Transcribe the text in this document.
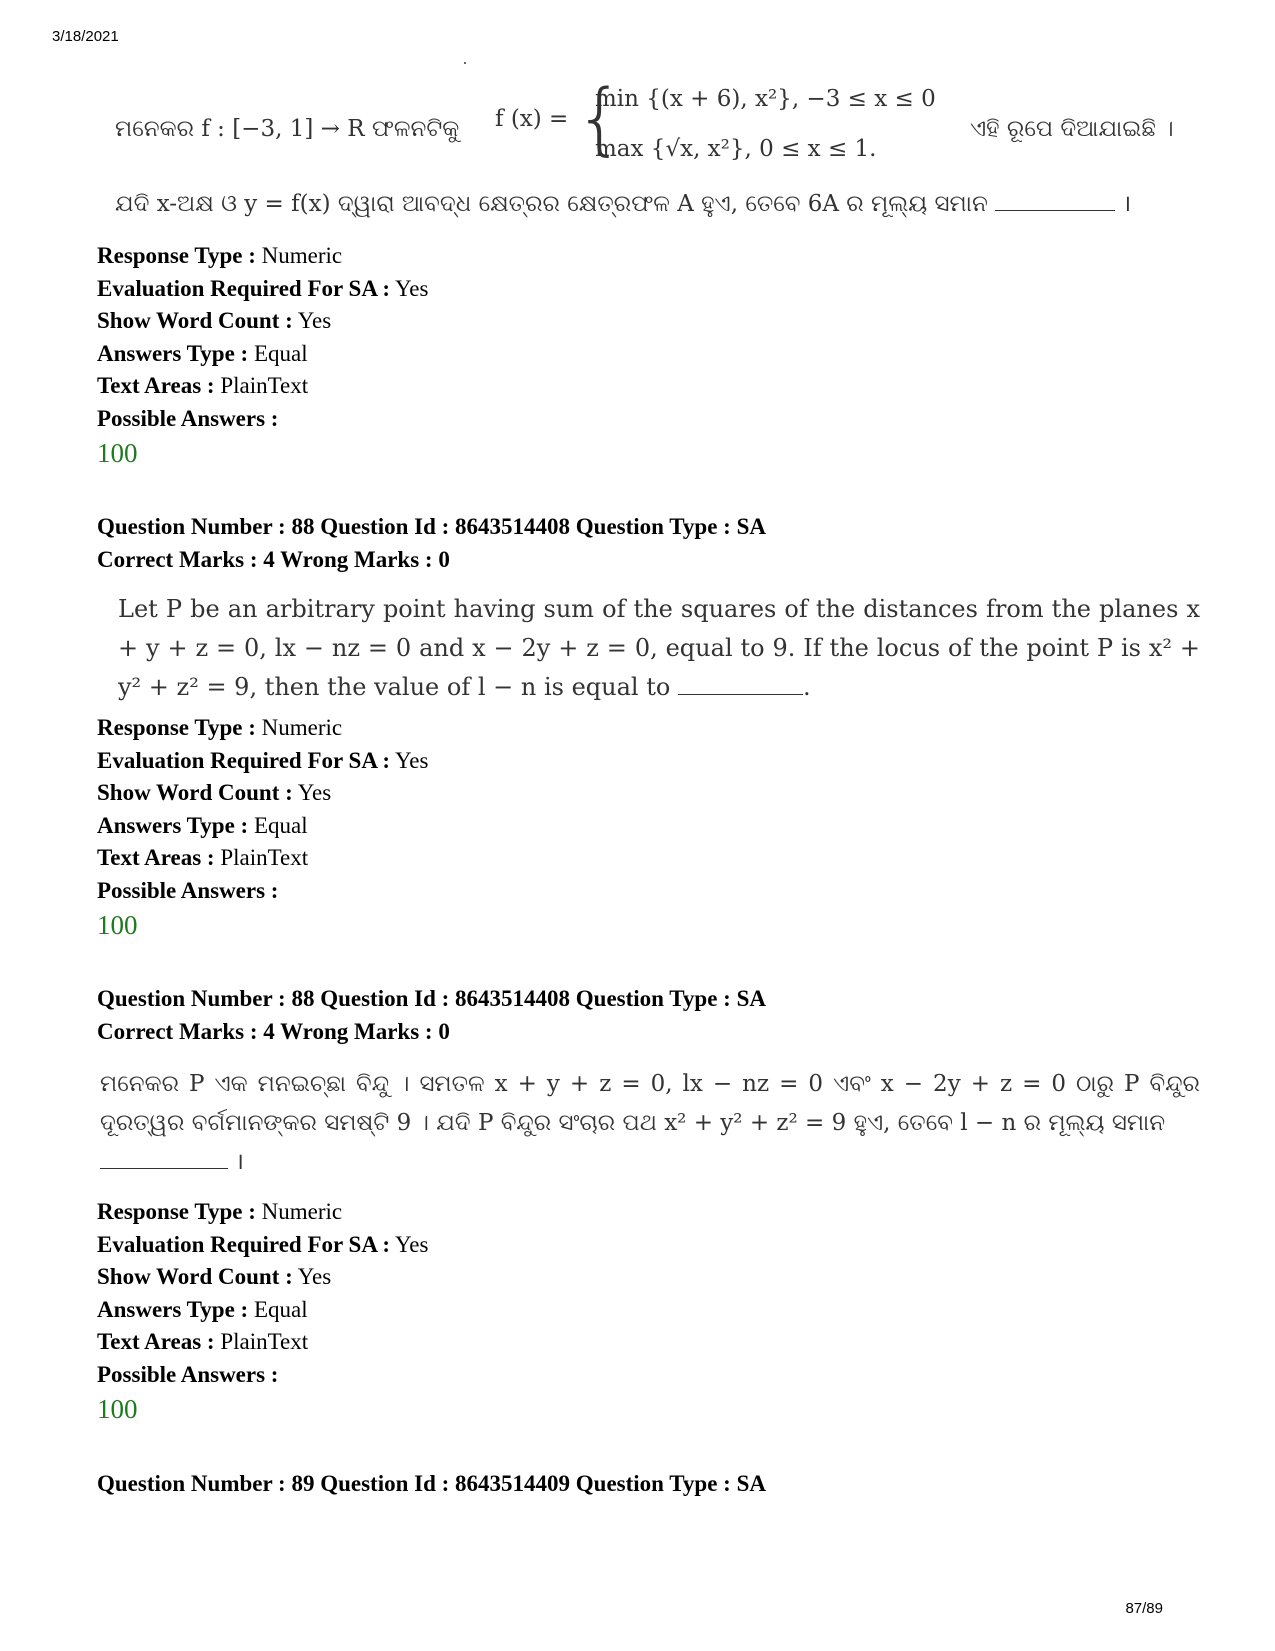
3/18/2021
ମନେକର f : [−3, 1] → R ଫଳନଟିକୁ f (x) = {
min {(x + 6), x²}, −3 ≤ x ≤ 0
max {√x, x²}, 0 ≤ x ≤ 1.
ଏହି ରୂପେ ଦିଆଯାଇଛି ।
ଯଦି x-ଅକ୍ଷ ଓ y = f(x) ଦ୍ୱାରା ଆବଦ୍ଧ କ୍ଷେତ୍ରର କ୍ଷେତ୍ରଫଳ A ହୁଏ, ତେବେ 6A ର ମୂଲ୍ୟ ସମାନ	।
Response Type : Numeric
Evaluation Required For SA : Yes
Show Word Count : Yes
Answers Type : Equal
Text Areas : PlainText
Possible Answers :
100
Question Number : 88 Question Id : 8643514408 Question Type : SA
Correct Marks : 4 Wrong Marks : 0
Let P be an arbitrary point having sum of the squares of the distances from the planes x + y + z = 0, lx − nz = 0 and x − 2y + z = 0, equal to 9. If the locus of the point P is x² + y² + z² = 9, then the value of l − n is equal to	.
Response Type : Numeric
Evaluation Required For SA : Yes
Show Word Count : Yes
Answers Type : Equal
Text Areas : PlainText
Possible Answers :
100
Question Number : 88 Question Id : 8643514408 Question Type : SA
Correct Marks : 4 Wrong Marks : 0
ମନେକର P ଏକ ମନଇଚ୍ଛା ବିନ୍ଦୁ । ସମତଳ x + y + z = 0, lx − nz = 0 ଏବଂ x − 2y + z = 0 ଠାରୁ P ବିନ୍ଦୁର ଦୂରତ୍ୱର ବର୍ଗମାନଙ୍କର ସମଷ୍ଟି 9 । ଯଦି P ବିନ୍ଦୁର ସଂଚାର ପଥ x² + y² + z² = 9 ହୁଏ, ତେବେ l − n ର ମୂଲ୍ୟ ସମାନ
।
Response Type : Numeric
Evaluation Required For SA : Yes
Show Word Count : Yes
Answers Type : Equal
Text Areas : PlainText
Possible Answers :
100
Question Number : 89 Question Id : 8643514409 Question Type : SA
87/89
